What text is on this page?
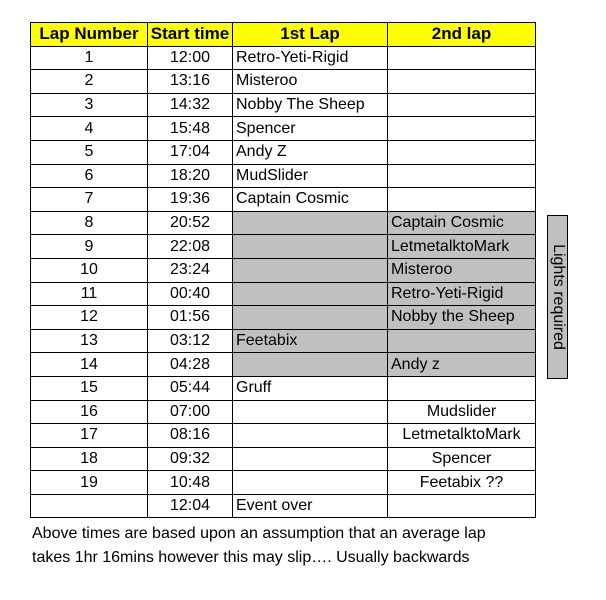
Lap Number	Start time	1st Lap	2nd lap
1	12:00	Retro-Yeti-Rigid	
2	13:16	Misteroo	
3	14:32	Nobby The Sheep	
4	15:48	Spencer	
5	17:04	Andy Z	
6	18:20	MudSlider	
7	19:36	Captain Cosmic	
8	20:52		Captain Cosmic
9	22:08		LetmetalktoMark
10	23:24		Misteroo
11	00:40		Retro-Yeti-Rigid
12	01:56		Nobby the Sheep
13	03:12	Feetabix	
14	04:28		Andy z
15	05:44	Gruff	
16	07:00		Mudslider
17	08:16		LetmetalktoMark
18	09:32		Spencer
19	10:48		Feetabix ??
	12:04	Event over	
Lights required
Above times are based upon an assumption that an average lap
takes 1hr 16mins however this may slip…. Usually backwards
